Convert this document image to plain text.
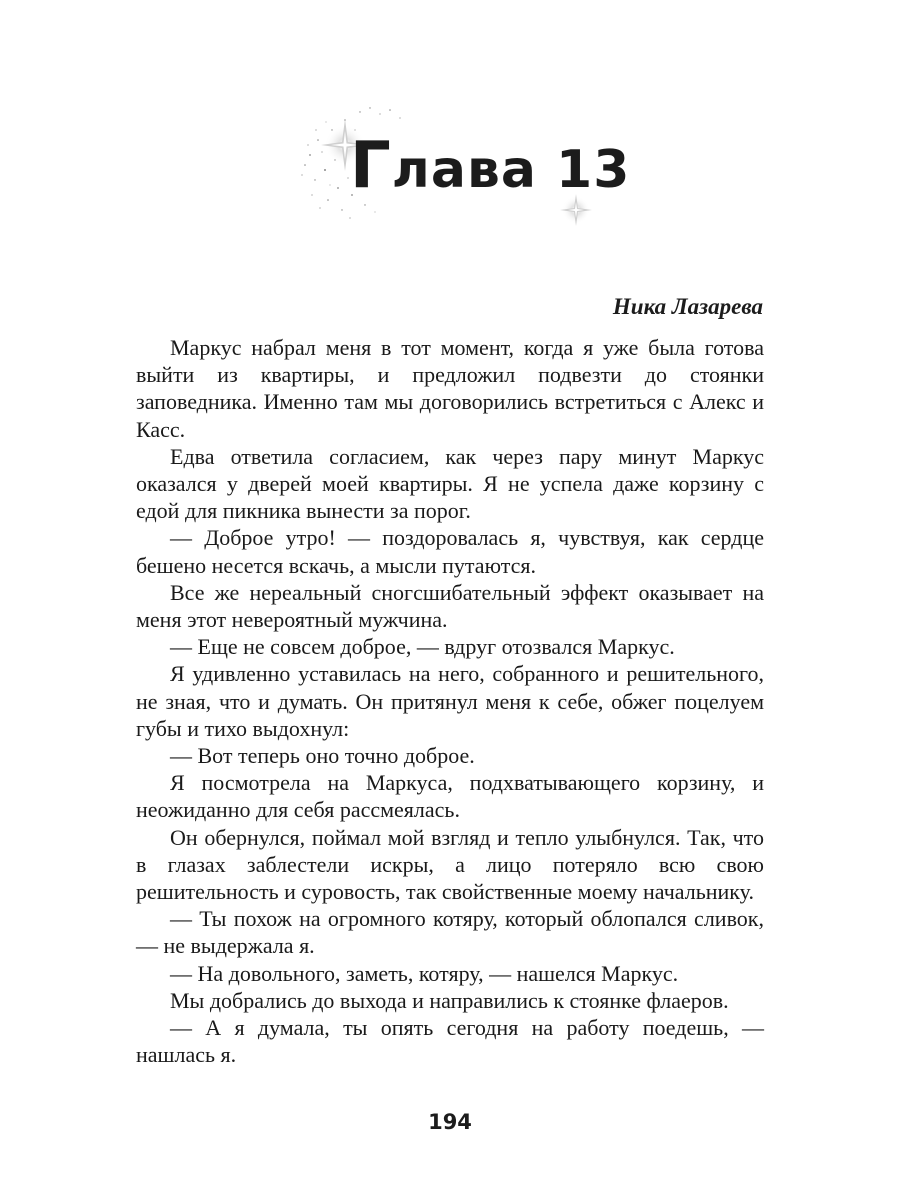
Глава 13
Ника Лазарева

Маркус набрал меня в тот момент, когда я уже была готова выйти из квартиры, и предложил подвезти до стоянки заповедника. Именно там мы договорились встретиться с Алекс и Касс.

Едва ответила согласием, как через пару минут Маркус оказался у дверей моей квартиры. Я не успела даже корзину с едой для пикника вынести за порог.

— Доброе утро! — поздоровалась я, чувствуя, как сердце бешено несется вскачь, а мысли путаются.

Все же нереальный сногсшибательный эффект оказывает на меня этот невероятный мужчина.

— Еще не совсем доброе, — вдруг отозвался Маркус.

Я удивленно уставилась на него, собранного и решительного, не зная, что и думать. Он притянул меня к себе, обжег поцелуем губы и тихо выдохнул:

— Вот теперь оно точно доброе.

Я посмотрела на Маркуса, подхватывающего корзину, и неожиданно для себя рассмеялась.

Он обернулся, поймал мой взгляд и тепло улыбнулся. Так, что в глазах заблестели искры, а лицо потеряло всю свою решительность и суровость, так свойственные моему начальнику.

— Ты похож на огромного котяру, который облопался сливок, — не выдержала я.

— На довольного, заметь, котяру, — нашелся Маркус.

Мы добрались до выхода и направились к стоянке флаеров.

— А я думала, ты опять сегодня на работу поедешь, — нашлась я.

194
